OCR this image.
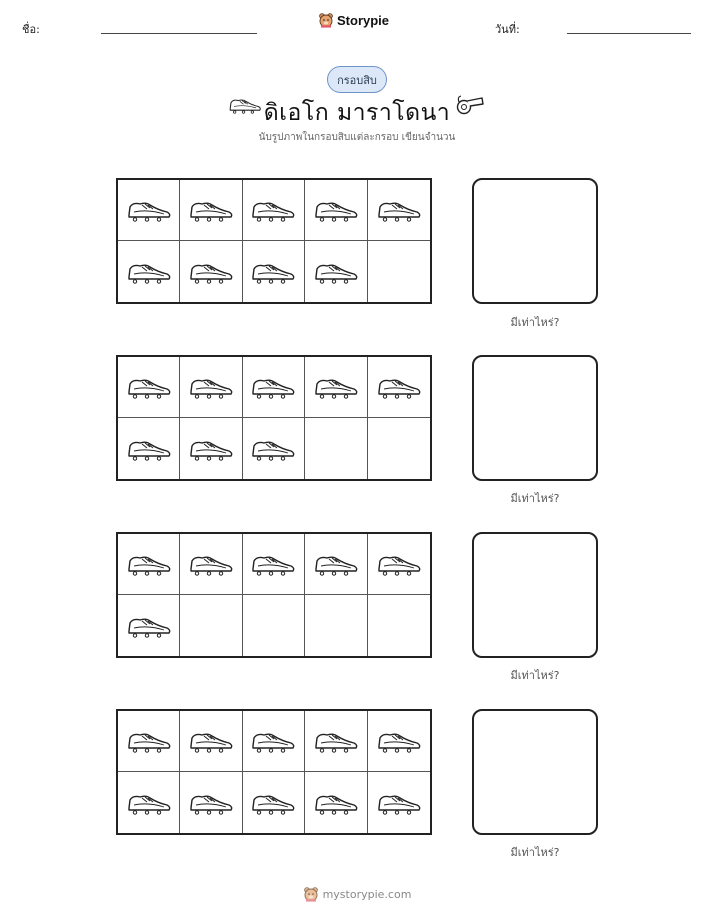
ชื่อ:
Storypie
วันที่:
กรอบสิบ
ดิเอโก มาราโดนา
นับรูปภาพในกรอบสิบแต่ละกรอบ เขียนจำนวน
มีเท่าไหร่?
มีเท่าไหร่?
มีเท่าไหร่?
มีเท่าไหร่?
mystorypie.com
